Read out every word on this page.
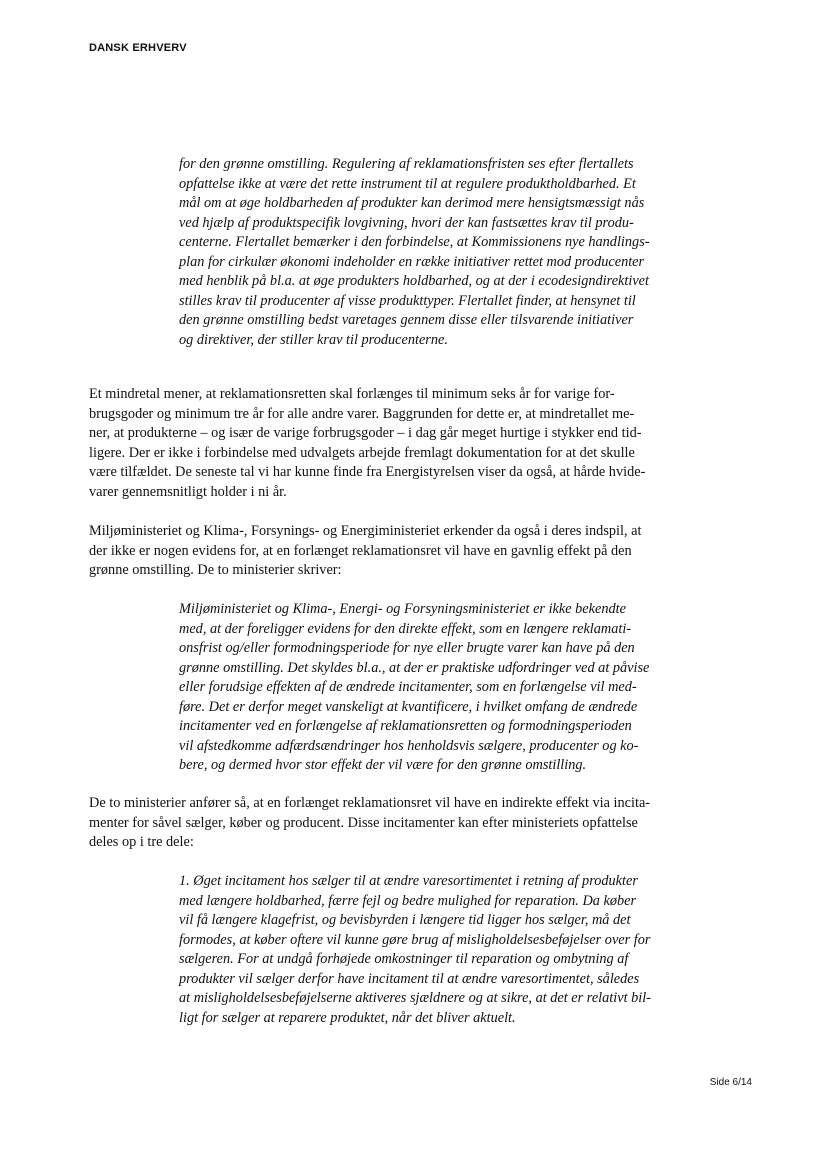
DANSK ERHVERV
for den grønne omstilling. Regulering af reklamationsfristen ses efter flertallets
opfattelse ikke at være det rette instrument til at regulere produktholdbarhed. Et
mål om at øge holdbarheden af produkter kan derimod mere hensigtsmæssigt nås
ved hjælp af produktspecifik lovgivning, hvori der kan fastsættes krav til produ-
centerne. Flertallet bemærker i den forbindelse, at Kommissionens nye handlings-
plan for cirkulær økonomi indeholder en række initiativer rettet mod producenter
med henblik på bl.a. at øge produkters holdbarhed, og at der i ecodesigndirektivet
stilles krav til producenter af visse produkttyper. Flertallet finder, at hensynet til
den grønne omstilling bedst varetages gennem disse eller tilsvarende initiativer
og direktiver, der stiller krav til producenterne.
Et mindretal mener, at reklamationsretten skal forlænges til minimum seks år for varige for-
brugsgoder og minimum tre år for alle andre varer. Baggrunden for dette er, at mindretallet me-
ner, at produkterne – og især de varige forbrugsgoder – i dag går meget hurtige i stykker end tid-
ligere. Der er ikke i forbindelse med udvalgets arbejde fremlagt dokumentation for at det skulle
være tilfældet. De seneste tal vi har kunne finde fra Energistyrelsen viser da også, at hårde hvide-
varer gennemsnitligt holder i ni år.
Miljøministeriet og Klima-, Forsynings- og Energiministeriet erkender da også i deres indspil, at
der ikke er nogen evidens for, at en forlænget reklamationsret vil have en gavnlig effekt på den
grønne omstilling. De to ministerier skriver:
Miljøministeriet og Klima-, Energi- og Forsyningsministeriet er ikke bekendte
med, at der foreligger evidens for den direkte effekt, som en længere reklamati-
onsfrist og/eller formodningsperiode for nye eller brugte varer kan have på den
grønne omstilling. Det skyldes bl.a., at der er praktiske udfordringer ved at påvise
eller forudsige effekten af de ændrede incitamenter, som en forlængelse vil med-
føre. Det er derfor meget vanskeligt at kvantificere, i hvilket omfang de ændrede
incitamenter ved en forlængelse af reklamationsretten og formodningsperioden
vil afstedkomme adfærdsændringer hos henholdsvis sælgere, producenter og ko-
bere, og dermed hvor stor effekt der vil være for den grønne omstilling.
De to ministerier anfører så, at en forlænget reklamationsret vil have en indirekte effekt via incita-
menter for såvel sælger, køber og producent. Disse incitamenter kan efter ministeriets opfattelse
deles op i tre dele:
1. Øget incitament hos sælger til at ændre varesortimentet i retning af produkter
med længere holdbarhed, færre fejl og bedre mulighed for reparation. Da køber
vil få længere klagefrist, og bevisbyrden i længere tid ligger hos sælger, må det
formodes, at køber oftere vil kunne gøre brug af misligholdelsesbeføjelser over for
sælgeren. For at undgå forhøjede omkostninger til reparation og ombytning af
produkter vil sælger derfor have incitament til at ændre varesortimentet, således
at misligholdelsesbeføjelserne aktiveres sjældnere og at sikre, at det er relativt bil-
ligt for sælger at reparere produktet, når det bliver aktuelt.
Side 6/14
